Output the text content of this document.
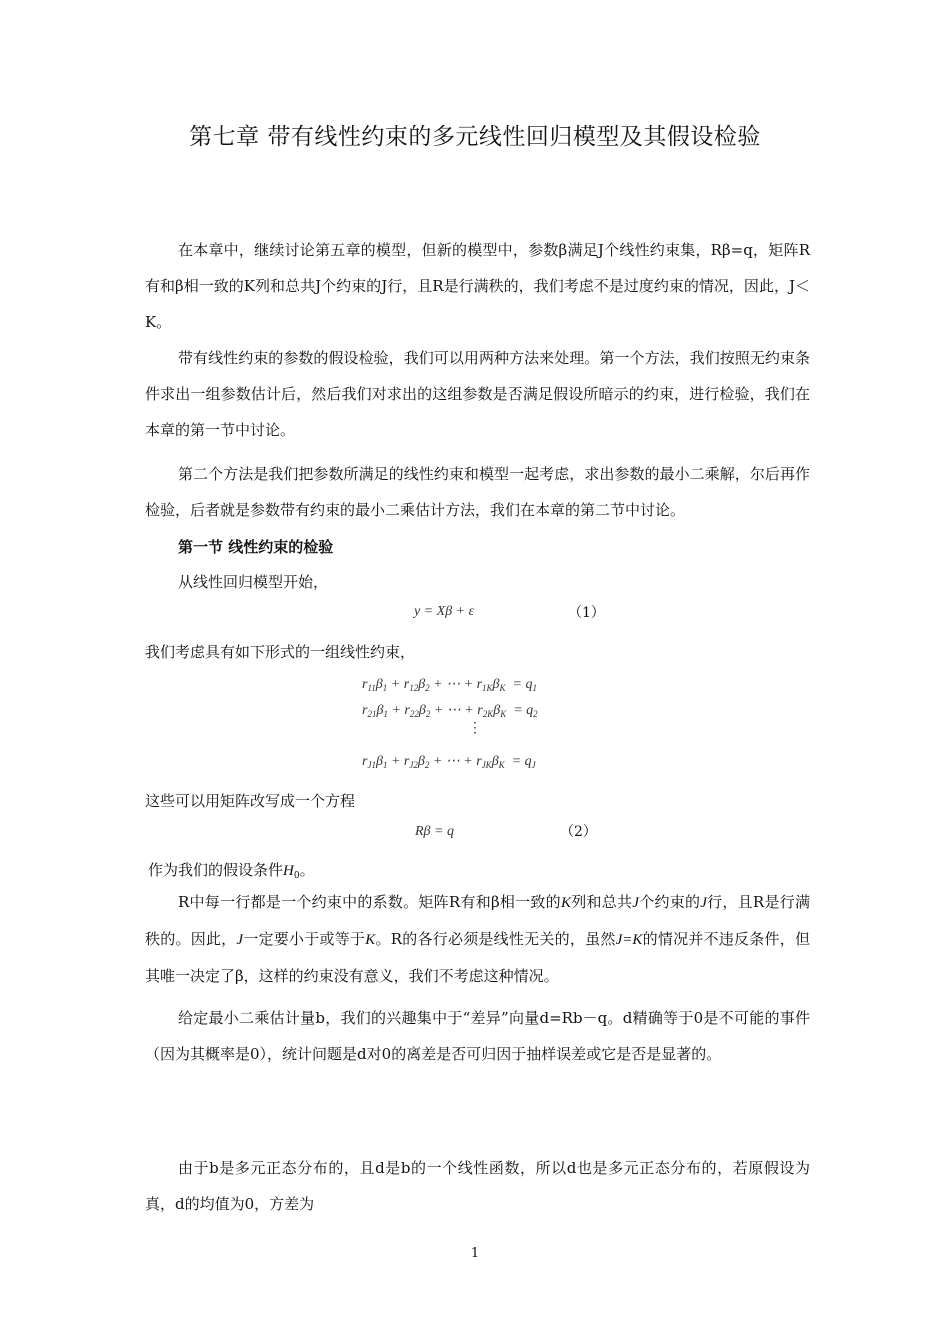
第七章 带有线性约束的多元线性回归模型及其假设检验

在本章中，继续讨论第五章的模型，但新的模型中，参数β满足J个线性约束集，Rβ=q，矩阵R有和β相一致的K列和总共J个约束的J行，且R是行满秩的，我们考虑不是过度约束的情况，因此，J＜K。

带有线性约束的参数的假设检验，我们可以用两种方法来处理。第一个方法，我们按照无约束条件求出一组参数估计后，然后我们对求出的这组参数是否满足假设所暗示的约束，进行检验，我们在本章的第一节中讨论。

第二个方法是我们把参数所满足的线性约束和模型一起考虑，求出参数的最小二乘解，尔后再作检验，后者就是参数带有约束的最小二乘估计方法，我们在本章的第二节中讨论。

第一节 线性约束的检验

从线性回归模型开始，

y = Xβ + ε	（1）

我们考虑具有如下形式的一组线性约束，

$r_{11}\beta_1 + r_{12}\beta_2$ + ⋯ + $r_{1K}\beta_K = q_1$
$r_{21}\beta_1 + r_{22}\beta_2$ + ⋯ + $r_{2K}\beta_K = q_2$
⋮
$r_{J1}\beta_1 + r_{J2}\beta_2$ + ⋯ + $r_{JK}\beta_K = q_J$

这些可以用矩阵改写成一个方程

Rβ = q	（2）

作为我们的假设条件$H_0$。

R中每一行都是一个约束中的系数。矩阵R有和β相一致的K列和总共J个约束的J行，且R是行满秩的。因此，J一定要小于或等于K。R的各行必须是线性无关的，虽然J=K的情况并不违反条件，但其唯一决定了β，这样的约束没有意义，我们不考虑这种情况。

给定最小二乘估计量b，我们的兴趣集中于“差异”向量d=Rb－q。d精确等于0是不可能的事件（因为其概率是0），统计问题是d对0的离差是否可归因于抽样误差或它是否是显著的。

由于b是多元正态分布的，且d是b的一个线性函数，所以d也是多元正态分布的，若原假设为真，d的均值为0，方差为

1
